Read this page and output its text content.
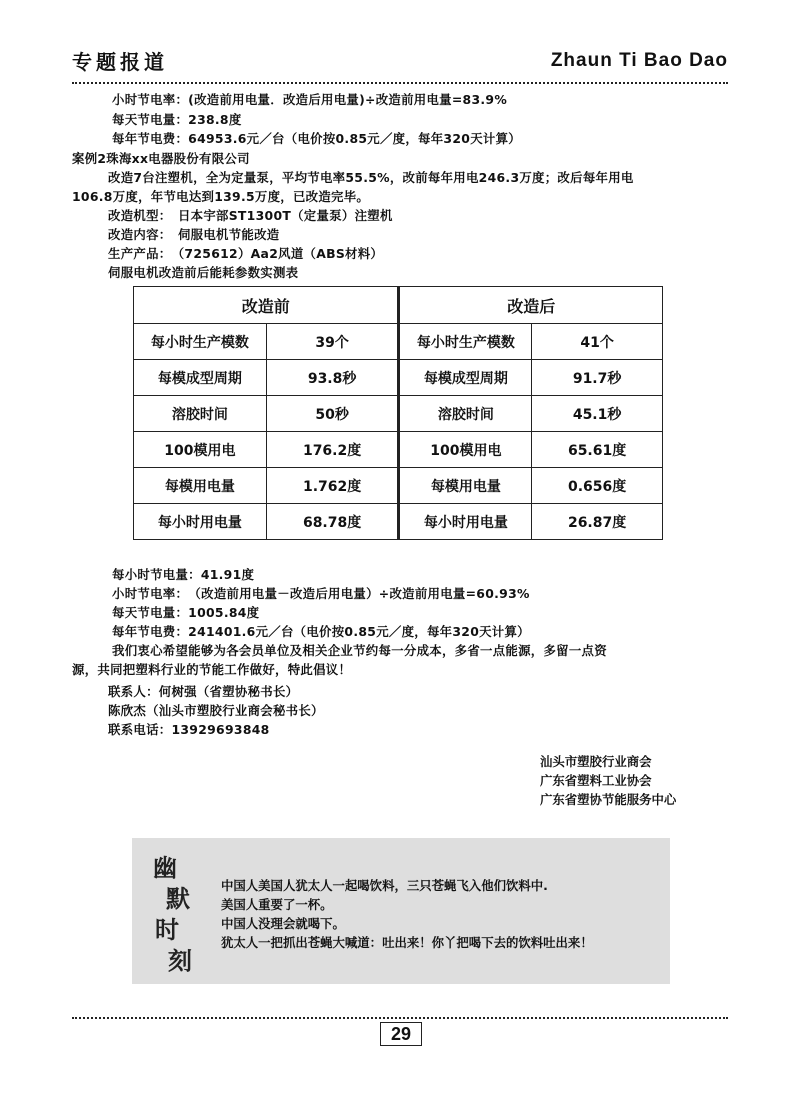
专题报道	Zhaun Ti Bao Dao
小时节电率：(改造前用电量．改造后用电量)÷改造前用电量=83.9%
每天节电量：238.8度
每年节电费：64953.6元／台（电价按0.85元／度，每年320天计算）
案例2珠海xx电器股份有限公司
改造7台注塑机，全为定量泵，平均节电率55.5%，改前每年用电246.3万度；改后每年用电
106.8万度，年节电达到139.5万度，已改造完毕。
改造机型：　日本宇部ST1300T（定量泵）注塑机
改造内容：　伺服电机节能改造
生产产品：　（725612）Aa2风道（ABS材料）
伺服电机改造前后能耗参数实测表
改造前		改造后	
每小时生产模数	39个	每小时生产模数	41个
每模成型周期	93.8秒	每模成型周期	91.7秒
溶胶时间	50秒	溶胶时间	45.1秒
100模用电	176.2度	100模用电	65.61度
每模用电量	1.762度	每模用电量	0.656度
每小时用电量	68.78度	每小时用电量	26.87度
每小时节电量：41.91度
小时节电率：　（改造前用电量－改造后用电量）÷改造前用电量=60.93%
每天节电量：1005.84度
每年节电费：241401.6元／台（电价按0.85元／度，每年320天计算）
我们衷心希望能够为各会员单位及相关企业节约每一分成本，多省一点能源，多留一点资
源，共同把塑料行业的节能工作做好，特此倡议！
联系人：何树强（省塑协秘书长）
陈欣杰（汕头市塑胶行业商会秘书长）
联系电话：13929693848
汕头市塑胶行业商会
广东省塑料工业协会
广东省塑协节能服务中心
幽
默
时
刻
中国人美国人犹太人一起喝饮料，三只苍蝇飞入他们饮料中.
美国人重要了一杯。
中国人没理会就喝下。
犹太人一把抓出苍蝇大喊道：吐出来！你丫把喝下去的饮料吐出来！
29
